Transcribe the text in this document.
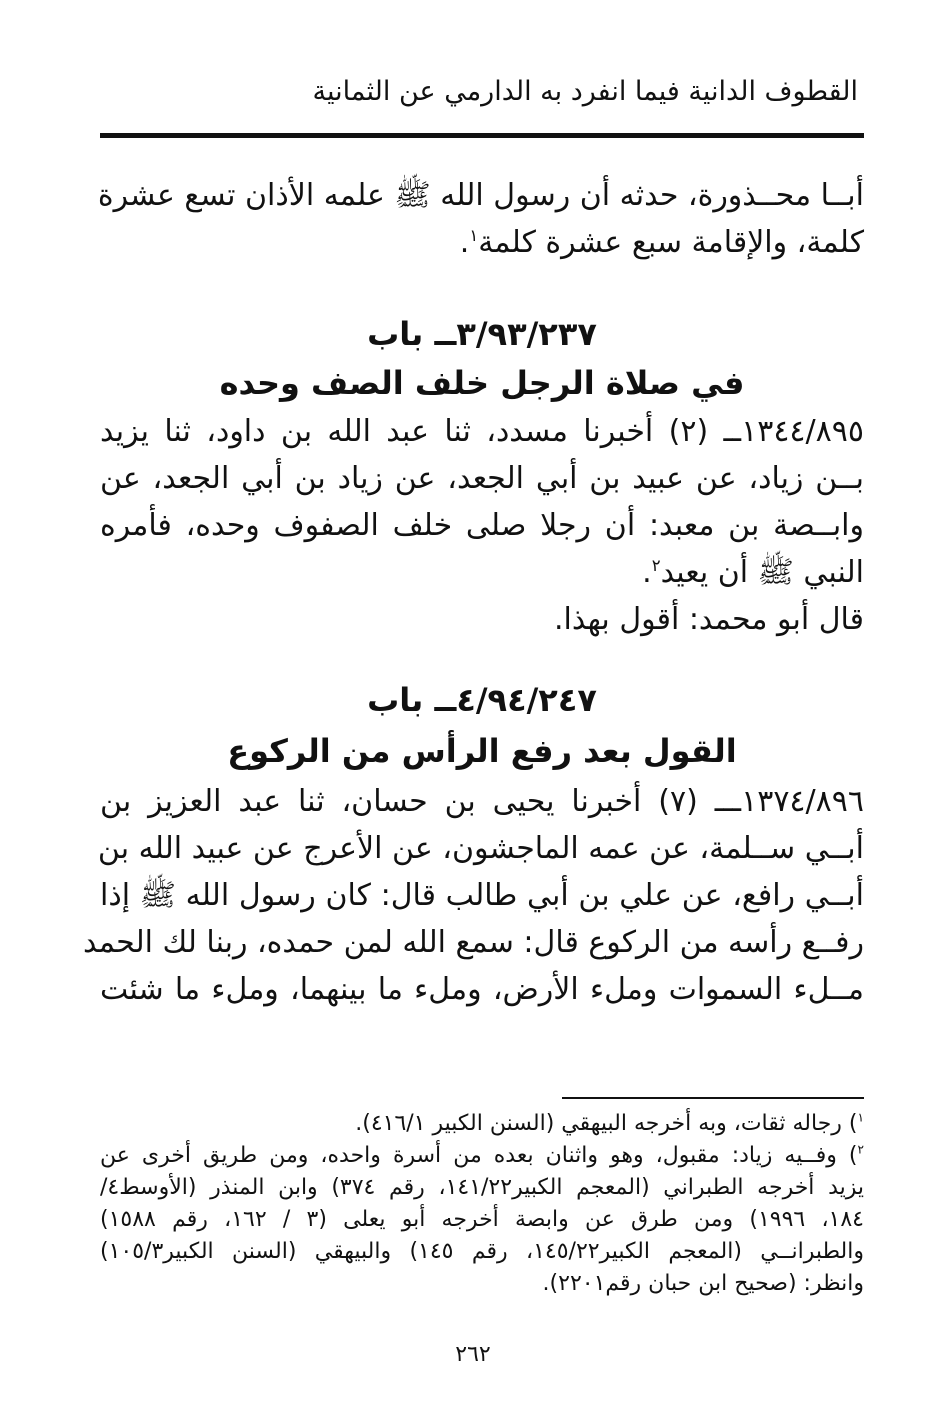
القطوف الدانية فيما انفرد به الدارمي عن الثمانية
أبــا محــذورة، حدثه أن رسول الله ﷺ علمه الأذان تسع عشرة
كلمة، والإقامة سبع عشرة كلمة$^١$.
٣/٩٣/٢٣٧ــ باب
في صلاة الرجل خلف الصف وحده
١٣٤٤/٨٩٥ــ (٢) أخبرنا مسدد، ثنا عبد الله بن داود، ثنا يزيد
بــن زياد، عن عبيد بن أبي الجعد، عن زياد بن أبي الجعد، عن
وابــصة بن معبد: أن رجلا صلى خلف الصفوف وحده، فأمره
النبي ﷺ أن يعيد$^٢$.
قال أبو محمد: أقول بهذا.
٤/٩٤/٢٤٧ــ باب
القول بعد رفع الرأس من الركوع
١٣٧٤/٨٩٦ـــ (٧) أخبرنا يحيى بن حسان، ثنا عبد العزيز بن
أبــي ســلمة، عن عمه الماجشون، عن الأعرج عن عبيد الله بن
أبــي رافع، عن علي بن أبي طالب قال: كان رسول الله ﷺ إذا
رفــع رأسه من الركوع قال: سمع الله لمن حمده، ربنا لك الحمد
مــلء السموات وملء الأرض، وملء ما بينهما، وملء ما شئت
$^١$) رجاله ثقات، وبه أخرجه البيهقي (السنن الكبير ٤١٦/١).
$^٢$) وفــيه زياد: مقبول، وهو واثنان بعده من أسرة واحده، ومن طريق أخرى عن
يزيد أخرجه الطبراني (المعجم الكبير١٤١/٢٢، رقم ٣٧٤) وابن المنذر (الأوسط٤/
١٨٤، ١٩٩٦) ومن طرق عن وابصة أخرجه أبو يعلى (٣ / ١٦٢، رقم ١٥٨٨)
والطبرانــي (المعجم الكبير١٤٥/٢٢، رقم ١٤٥) والبيهقي (السنن الكبير١٠٥/٣)
وانظر: (صحيح ابن حبان رقم٢٢٠١).
٢٦٢
